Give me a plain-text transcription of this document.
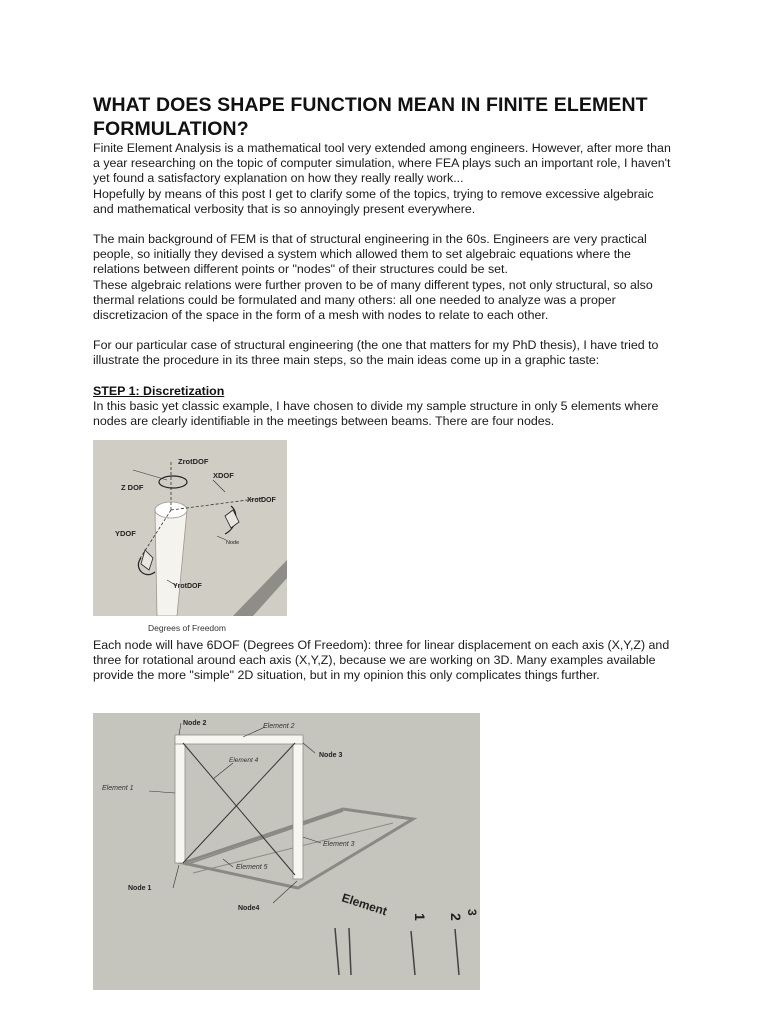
WHAT DOES SHAPE FUNCTION MEAN IN FINITE ELEMENT FORMULATION?

Finite Element Analysis is a mathematical tool very extended among engineers. However, after more than a year researching on the topic of computer simulation, where FEA plays such an important role, I haven't yet found a satisfactory explanation on how they really really work...

Hopefully by means of this post I get to clarify some of the topics, trying to remove excessive algebraic and mathematical verbosity that is so annoyingly present everywhere.

The main background of FEM is that of structural engineering in the 60s. Engineers are very practical people, so initially they devised a system which allowed them to set algebraic equations where the relations between different points or "nodes" of their structures could be set.

These algebraic relations were further proven to be of many different types, not only structural, so also thermal relations could be formulated and many others: all one needed to analyze was a proper discretizacion of the space in the form of a mesh with nodes to relate to each other.

For our particular case of structural engineering (the one that matters for my PhD thesis), I have tried to illustrate the procedure in its three main steps, so the main ideas come up in a graphic taste:

STEP 1: Discretization

In this basic yet classic example, I have chosen to divide my sample structure in only 5 elements where nodes are clearly identifiable in the meetings between beams. There are four nodes.

ZrotDOF
XDOF
Z DOF
XrotDOF
YDOF
Node
YrotDOF
Degrees of Freedom

Each node will have 6DOF (Degrees Of Freedom): three for linear displacement on each axis (X,Y,Z) and three for rotational around each axis (X,Y,Z), because we are working on 3D. Many examples available provide the more "simple" 2D situation, but in my opinion this only complicates things further.

Node 2	Element 2
Node 3
Element 1
Element 4
Element 3
Element 5
Node 1
Node4	Element 1 2
3
